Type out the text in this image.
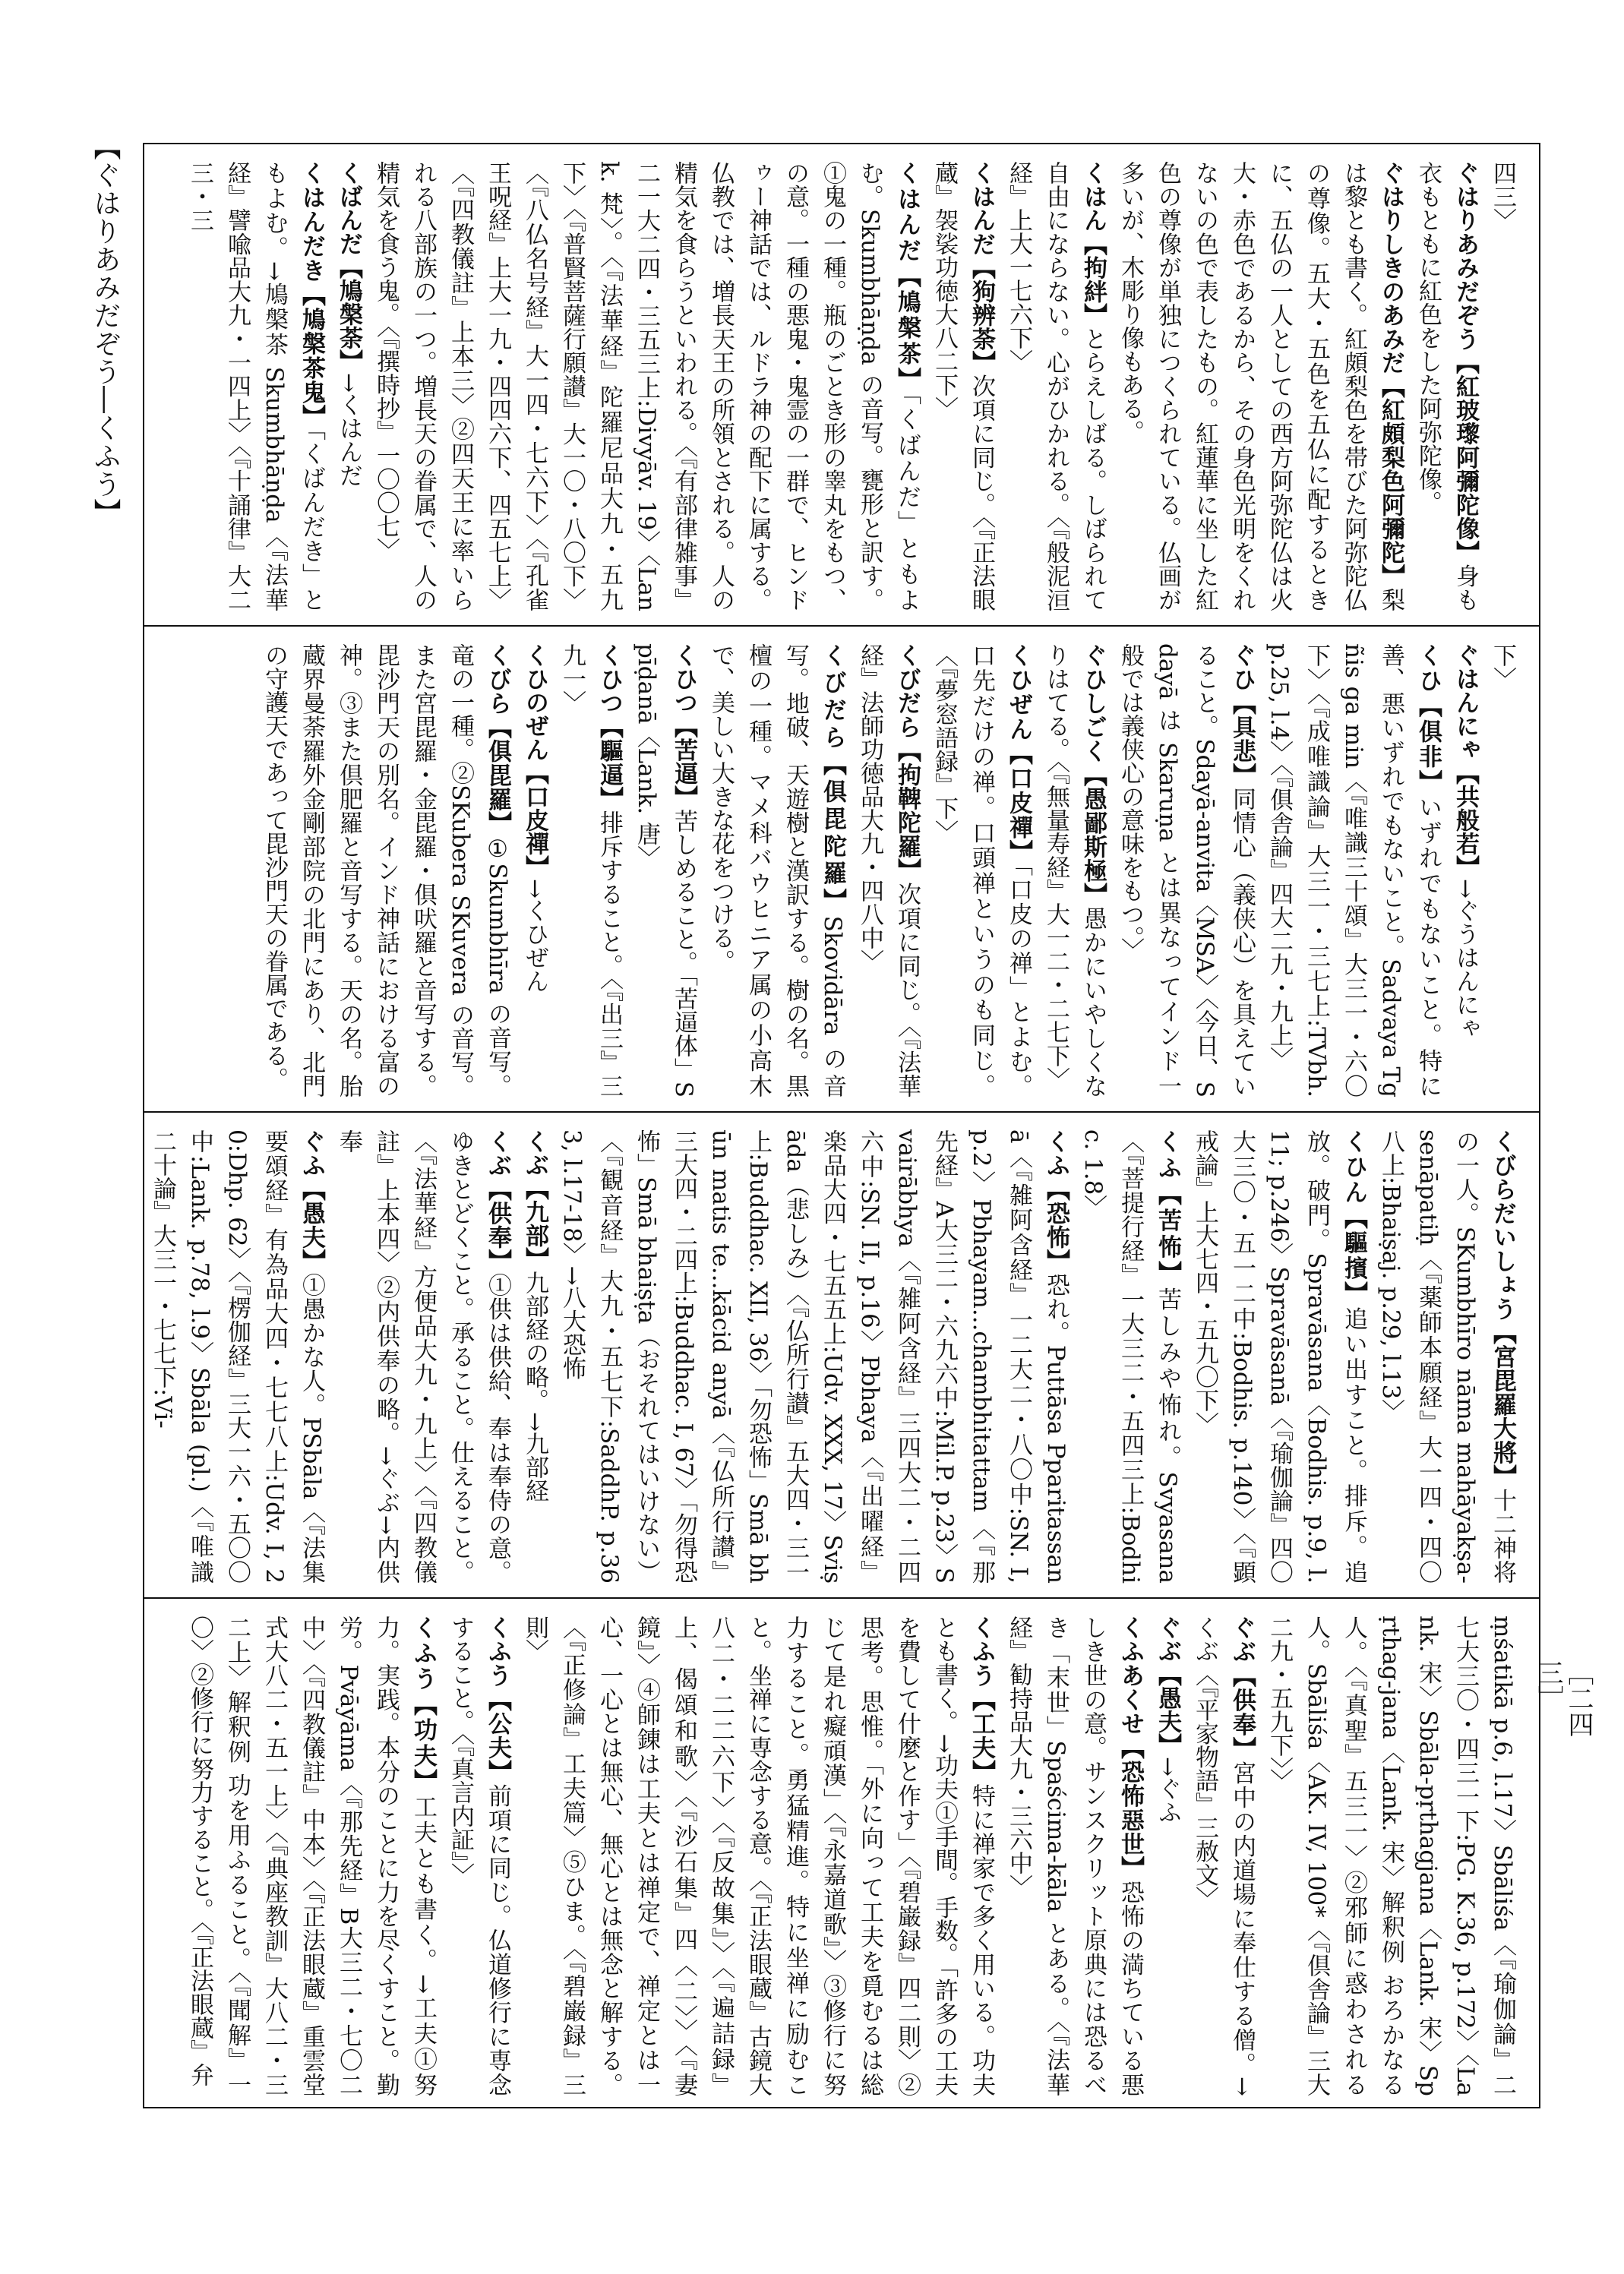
【ぐはりあみだぞう―くふう】
［二四三］
四三〉
ぐはりあみだぞう【紅玻瓈阿彌陀像】身も衣もともに紅色をした阿弥陀像。
ぐはりしきのあみだ【紅頗梨色阿彌陀】梨は黎とも書く。紅頗梨色を帯びた阿弥陀仏の尊像。五大・五色を五仏に配するときに、五仏の一人としての西方阿弥陀仏は火大・赤色であるから、その身色光明をくれないの色で表したもの。紅蓮華に坐した紅色の尊像が単独につくられている。仏画が多いが、木彫り像もある。
くはん【拘絆】とらえしばる。しばられて自由にならない。心がひかれる。〈『般泥洹経』上大一七六下〉
くはんだ【狗辨荼】次項に同じ。〈『正法眼蔵』袈裟功徳大八二下〉
くはんだ【鳩槃茶】「くばんだ」ともよむ。Skumbhāṇḍa の音写。甕形と訳す。①鬼の一種。瓶のごとき形の睾丸をもつ、の意。一種の悪鬼・鬼霊の一群で、ヒンドゥー神話では、ルドラ神の配下に属する。仏教では、増長天王の所領とされる。人の精気を食らうといわれる。〈『有部律雑事』二一大二四・三五三上:Divyāv. 19〉〈Lank. 梵〉。〈『法華経』陀羅尼品大九・五九下〉〈『普賢菩薩行願讃』大一〇・八〇下〉〈『八仏名号経』大一四・七六下〉〈『孔雀王呪経』上大一九・四四六下、四五七上〉〈『四教儀註』上本三〉②四天王に率いられる八部族の一つ。増長天の眷属で、人の精気を食う鬼。〈『撰時抄』一〇〇七〉
くばんだ【鳩槃荼】→くはんだ
くはんだき【鳩槃茶鬼】「くばんだき」ともよむ。→鳩槃茶 Skumbhāṇḍa〈『法華経』譬喩品大九・一四上〉〈『十誦律』大二三・三
下〉
ぐはんにゃ【共般若】→ぐうはんにゃ
くひ【俱非】いずれでもないこと。特に善、悪いずれでもないこと。Sadvaya Tgñis ga min〈『唯識三十頌』大三一・六〇下〉〈『成唯識論』大三一・三七上:TVbh. p.25, l.4〉〈『俱舎論』四大二九・九上〉
ぐひ【具悲】同情心（義侠心）を具えていること。Sdayā-anvita〈MSA〉〈今日、Sdayā は Skaruṇa とは異なってインド一般では義侠心の意味をもつ。〉
ぐひしごく【愚鄙斯極】愚かにいやしくなりはてる。〈『無量寿経』大一二・二七下〉
くひぜん【口皮禪】「口皮の禅」とよむ。口先だけの禅。口頭禅というのも同じ。〈『夢窓語録』下〉
くびだら【拘鞞陀羅】次項に同じ。〈『法華経』法師功徳品大九・四八中〉
くびだら【俱毘陀羅】Skovidāra の音写。地破、天遊樹と漢訳する。樹の名。黒檀の一種。マメ科バウヒニア属の小高木で、美しい大きな花をつける。
くひつ【苦逼】苦しめること。「苦逼体」Spīḍanā〈Lank. 唐〉
くひつ【驅逼】排斥すること。〈『出三』三九一〉
くひのぜん【口皮禪】→くひぜん
くびら【俱毘羅】①Skumbhīra の音写。竜の一種。②SKubera SKuvera の音写。また宮毘羅・金毘羅・俱吠羅と音写する。毘沙門天の別名。インド神話における富の神。③また倶肥羅と音写する。天の名。胎蔵界曼荼羅外金剛部院の北門にあり、北門の守護天であって毘沙門天の眷属である。
くびらだいしょう【宮毘羅大將】十二神将の一人。SKumbhīro nāma mahāyakṣa-senāpatiḥ〈『薬師本願経』大一四・四〇八上:Bhaiṣaj. p.29, l.13〉
くひん【驅擯】追い出すこと。排斥。追放。破門。Spravāsana〈Bodhis. p.9, l.11; p.246〉Spravāsanā〈『瑜伽論』四〇大三〇・五一二中:Bodhis. p.140〉〈『顕戒論』上大七四・五九〇下〉
くふ【苦怖】苦しみや怖れ。Svyasana〈『菩提行経』一大三二・五四三上:Bodhic. 1.8〉
くふ【恐怖】恐れ。Puttāsa Pparitassanā〈『雑阿含経』一二大二・八〇中:SN. I, p.2〉Pbhayam...chambhitattam〈『那先経』A大三二・六九六中:Mil.P. p.23〉Svairābhya〈『雑阿含経』三四大二・二四六中:SN. II, p.16〉Pbhaya〈『出曜経』楽品大四・七五五上:Udv. XXX, 17〉Sviṣāda（悲しみ）〈『仏所行讃』五大四・三一上:Buddhac. XII, 36〉「勿恐怖」Smā bhūn matis te...kācid anyā〈『仏所行讃』三大四・二四上:Buddhac. I, 67〉「勿得恐怖」Smā bhaiṣṭa（おそれてはいけない）〈『観音経』大九・五七下:SaddhP. p.363, l.17-18〉→八大恐怖
くぶ【九部】九部経の略。→九部経
くぶ【供奉】①供は供給、奉は奉侍の意。ゆきとどくこと。承ること。仕えること。〈『法華経』方便品大九・九上〉〈『四教儀註』上本四〉②内供奉の略。→ぐぶ→内供奉
ぐふ【愚夫】①愚かな人。PSbāla〈『法集要頌経』有為品大四・七七八上:Udv. I, 20:Dhp. 62〉〈『楞伽経』三大一六・五〇〇中:Lank. p.78, l.9〉Sbāla (pl.)〈『唯識二十論』大三一・七七下:Vi-
ṃśatikā p.6, l.17〉Sbāliśa〈『瑜伽論』二七大三〇・四三一下:PG. K.36, p.172〉〈Lank. 宋〉Sbāla-pṛthagjana〈Lank. 宋〉Spṛthag-jana〈Lank. 宋〉解釈例 おろかなる人。〈『真聖』五三一〉②邪師に惑わされる人。Sbāliśa〈AK. IV, 100*〈『倶舎論』三大二九・五九下〉〉
ぐぶ【供奉】宮中の内道場に奉仕する僧。→くぶ〈『平家物語』三赦文〉
ぐぶ【愚夫】→ぐふ
くふあくせ【恐怖惡世】恐怖の満ちている悪しき世の意。サンスクリット原典には恐るべき「末世」Spaścima-kāla とある。〈『法華経』勧持品大九・三六中〉
くふう【工夫】特に禅家で多く用いる。功夫とも書く。→功夫①手間。手数。「許多の工夫を費して什麼と作す」〈『碧巌録』四二則〉②思考。思惟。「外に向って工夫を覓むるは総じて是れ癡頑漢」〈『永嘉道歌』〉③修行に努力すること。勇猛精進。特に坐禅に励むこと。坐禅に専念する意。〈『正法眼蔵』古鏡大八二・二二六下〉〈『反故集』〉〈『遍詰録』上、偈頌和歌〉〈『沙石集』四〈二〉〉〈『妻鏡』〉④師錬は工夫とは禅定で、禅定とは一心、一心とは無心、無心とは無念と解する。〈『正修論』工夫篇〉⑤ひま。〈『碧巌録』三則〉
くふう【公夫】前項に同じ。仏道修行に専念すること。〈『真言内証』〉
くふう【功夫】工夫とも書く。→工夫①努力。実践。本分のことに力を尽くすこと。勤労。Pvāyāma〈『那先経』B大三二・七〇二中〉〈『四教儀註』中本〉〈『正法眼蔵』重雲堂式大八二・五一上〉〈『典座教訓』大八二・三二上〉解釈例 功を用ふること。〈『聞解』一〇〉②修行に努力すること。〈『正法眼蔵』弁
